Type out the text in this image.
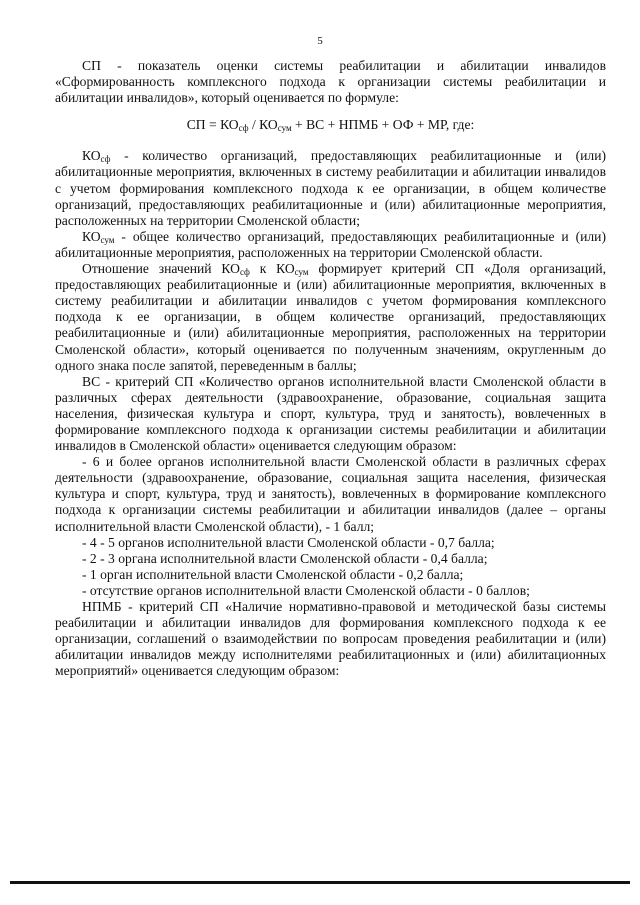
5

СП - показатель оценки системы реабилитации и абилитации инвалидов «Сформированность комплексного подхода к организации системы реабилитации и абилитации инвалидов», который оценивается по формуле:

СП = $КО_{сф} / КО_{сум}$ + ВС + НПМБ + ОФ + МР, где:

$КО_{сф}$ - количество организаций, предоставляющих реабилитационные и (или) абилитационные мероприятия, включенных в систему реабилитации и абилитации инвалидов с учетом формирования комплексного подхода к ее организации, в общем количестве организаций, предоставляющих реабилитационные и (или) абилитационные мероприятия, расположенных на территории Смоленской области;

$КО_{сум}$ - общее количество организаций, предоставляющих реабилитационные и (или) абилитационные мероприятия, расположенных на территории Смоленской области.

Отношение значений $КО_{сф}$ к $КО_{сум}$ формирует критерий СП «Доля организаций, предоставляющих реабилитационные и (или) абилитационные мероприятия, включенных в систему реабилитации и абилитации инвалидов с учетом формирования комплексного подхода к ее организации, в общем количестве организаций, предоставляющих реабилитационные и (или) абилитационные мероприятия, расположенных на территории Смоленской области», который оценивается по полученным значениям, округленным до одного знака после запятой, переведенным в баллы;

ВС - критерий СП «Количество органов исполнительной власти Смоленской области в различных сферах деятельности (здравоохранение, образование, социальная защита населения, физическая культура и спорт, культура, труд и занятость), вовлеченных в формирование комплексного подхода к организации системы реабилитации и абилитации инвалидов в Смоленской области» оценивается следующим образом:

- 6 и более органов исполнительной власти Смоленской области в различных сферах деятельности (здравоохранение, образование, социальная защита населения, физическая культура и спорт, культура, труд и занятость), вовлеченных в формирование комплексного подхода к организации системы реабилитации и абилитации инвалидов (далее – органы исполнительной власти Смоленской области), - 1 балл;

- 4 - 5 органов исполнительной власти Смоленской области - 0,7 балла;

- 2 - 3 органа исполнительной власти Смоленской области - 0,4 балла;

- 1 орган исполнительной власти Смоленской области - 0,2 балла;

- отсутствие органов исполнительной власти Смоленской области - 0 баллов;

НПМБ - критерий СП «Наличие нормативно-правовой и методической базы системы реабилитации и абилитации инвалидов для формирования комплексного подхода к ее организации, соглашений о взаимодействии по вопросам проведения реабилитации и (или) абилитации инвалидов между исполнителями реабилитационных и (или) абилитационных мероприятий» оценивается следующим образом:
